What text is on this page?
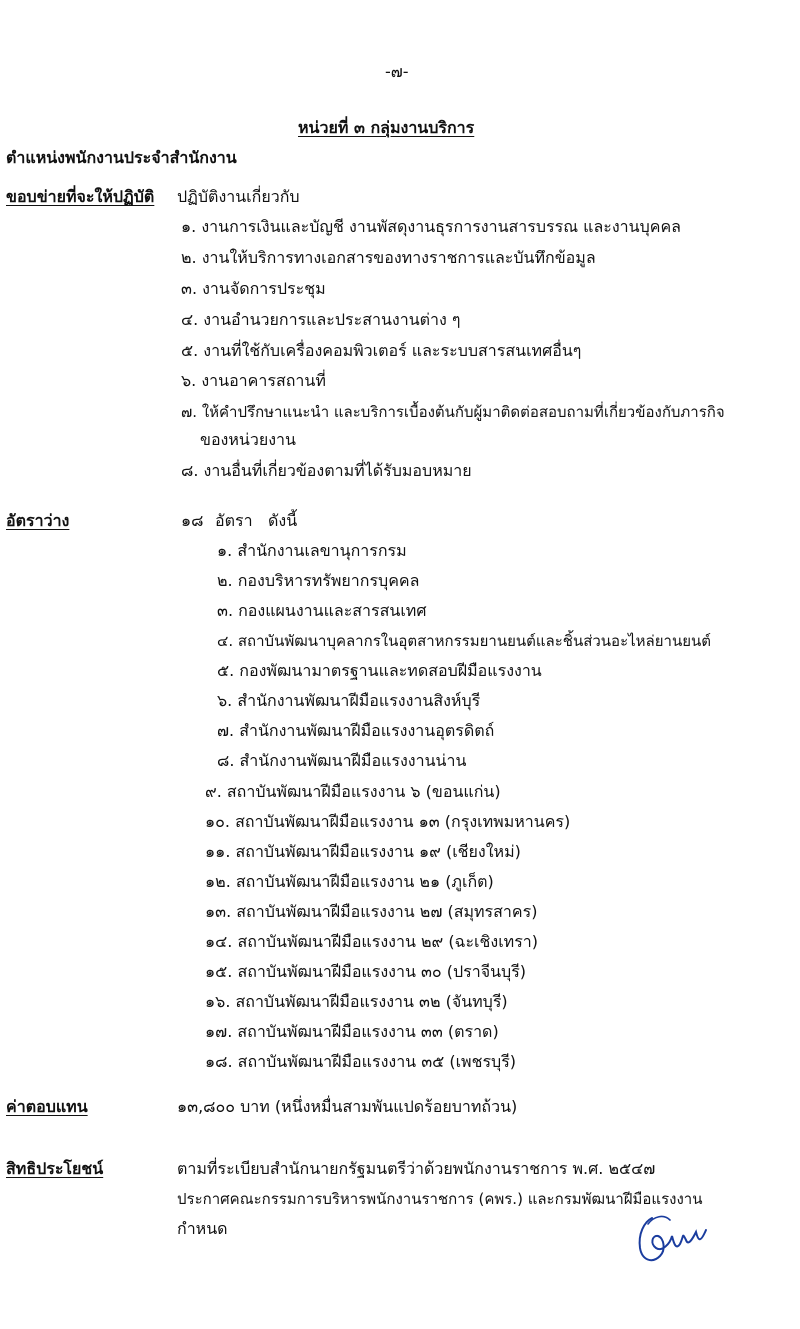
-๗-
หน่วยที่ ๓ กลุ่มงานบริการ
ตำแหน่งพนักงานประจำสำนักงาน
ขอบข่ายที่จะให้ปฏิบัติ ปฏิบัติงานเกี่ยวกับ
๑. งานการเงินและบัญชี งานพัสดุงานธุรการงานสารบรรณ และงานบุคคล
๒. งานให้บริการทางเอกสารของทางราชการและบันทึกข้อมูล
๓. งานจัดการประชุม
๔. งานอำนวยการและประสานงานต่าง ๆ
๕. งานที่ใช้กับเครื่องคอมพิวเตอร์ และระบบสารสนเทศอื่นๆ
๖. งานอาคารสถานที่
๗. ให้คำปรึกษาแนะนำ และบริการเบื้องต้นกับผู้มาติดต่อสอบถามที่เกี่ยวข้องกับภารกิจ
ของหน่วยงาน
๘. งานอื่นที่เกี่ยวข้องตามที่ได้รับมอบหมาย
อัตราว่าง	๑๘ อัตรา ดังนี้
๑. สำนักงานเลขานุการกรม
๒. กองบริหารทรัพยากรบุคคล
๓. กองแผนงานและสารสนเทศ
๔. สถาบันพัฒนาบุคลากรในอุตสาหกรรมยานยนต์และชิ้นส่วนอะไหล่ยานยนต์
๕. กองพัฒนามาตรฐานและทดสอบฝีมือแรงงาน
๖. สำนักงานพัฒนาฝีมือแรงงานสิงห์บุรี
๗. สำนักงานพัฒนาฝีมือแรงงานอุตรดิตถ์
๘. สำนักงานพัฒนาฝีมือแรงงานน่าน
๙. สถาบันพัฒนาฝีมือแรงงาน ๖ (ขอนแก่น)
๑๐. สถาบันพัฒนาฝีมือแรงงาน ๑๓ (กรุงเทพมหานคร)
๑๑. สถาบันพัฒนาฝีมือแรงงาน ๑๙ (เชียงใหม่)
๑๒. สถาบันพัฒนาฝีมือแรงงาน ๒๑ (ภูเก็ต)
๑๓. สถาบันพัฒนาฝีมือแรงงาน ๒๗ (สมุทรสาคร)
๑๔. สถาบันพัฒนาฝีมือแรงงาน ๒๙ (ฉะเชิงเทรา)
๑๕. สถาบันพัฒนาฝีมือแรงงาน ๓๐ (ปราจีนบุรี)
๑๖. สถาบันพัฒนาฝีมือแรงงาน ๓๒ (จันทบุรี)
๑๗. สถาบันพัฒนาฝีมือแรงงาน ๓๓ (ตราด)
๑๘. สถาบันพัฒนาฝีมือแรงงาน ๓๕ (เพชรบุรี)
ค่าตอบแทน	๑๓,๘๐๐ บาท (หนึ่งหมื่นสามพันแปดร้อยบาทถ้วน)
สิทธิประโยชน์	ตามที่ระเบียบสำนักนายกรัฐมนตรีว่าด้วยพนักงานราชการ พ.ศ. ๒๕๔๗
ประกาศคณะกรรมการบริหารพนักงานราชการ (คพร.) และกรมพัฒนาฝีมือแรงงาน
กำหนด
